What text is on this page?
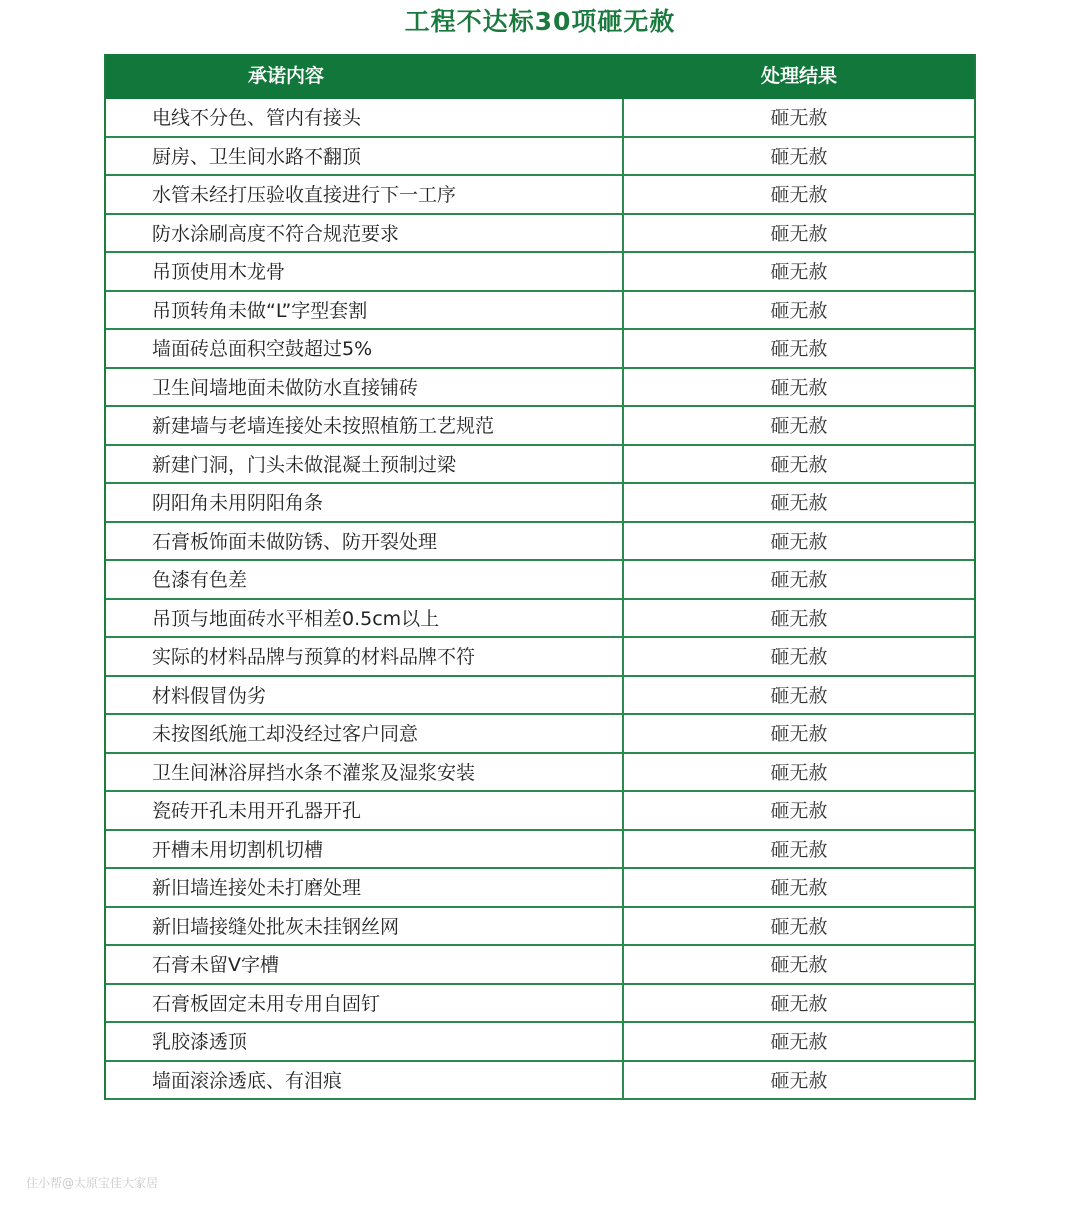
工程不达标30项砸无赦
承诺内容	处理结果
电线不分色、管内有接头	砸无赦
厨房、卫生间水路不翻顶	砸无赦
水管未经打压验收直接进行下一工序	砸无赦
防水涂刷高度不符合规范要求	砸无赦
吊顶使用木龙骨	砸无赦
吊顶转角未做“L”字型套割	砸无赦
墙面砖总面积空鼓超过5%	砸无赦
卫生间墙地面未做防水直接铺砖	砸无赦
新建墙与老墙连接处未按照植筋工艺规范	砸无赦
新建门洞，门头未做混凝土预制过梁	砸无赦
阴阳角未用阴阳角条	砸无赦
石膏板饰面未做防锈、防开裂处理	砸无赦
色漆有色差	砸无赦
吊顶与地面砖水平相差0.5cm以上	砸无赦
实际的材料品牌与预算的材料品牌不符	砸无赦
材料假冒伪劣	砸无赦
未按图纸施工却没经过客户同意	砸无赦
卫生间淋浴屏挡水条不灌浆及湿浆安装	砸无赦
瓷砖开孔未用开孔器开孔	砸无赦
开槽未用切割机切槽	砸无赦
新旧墙连接处未打磨处理	砸无赦
新旧墙接缝处批灰未挂钢丝网	砸无赦
石膏未留V字槽	砸无赦
石膏板固定未用专用自固钉	砸无赦
乳胶漆透顶	砸无赦
墙面滚涂透底、有泪痕	砸无赦
住小帮@太原宝佳大家居
